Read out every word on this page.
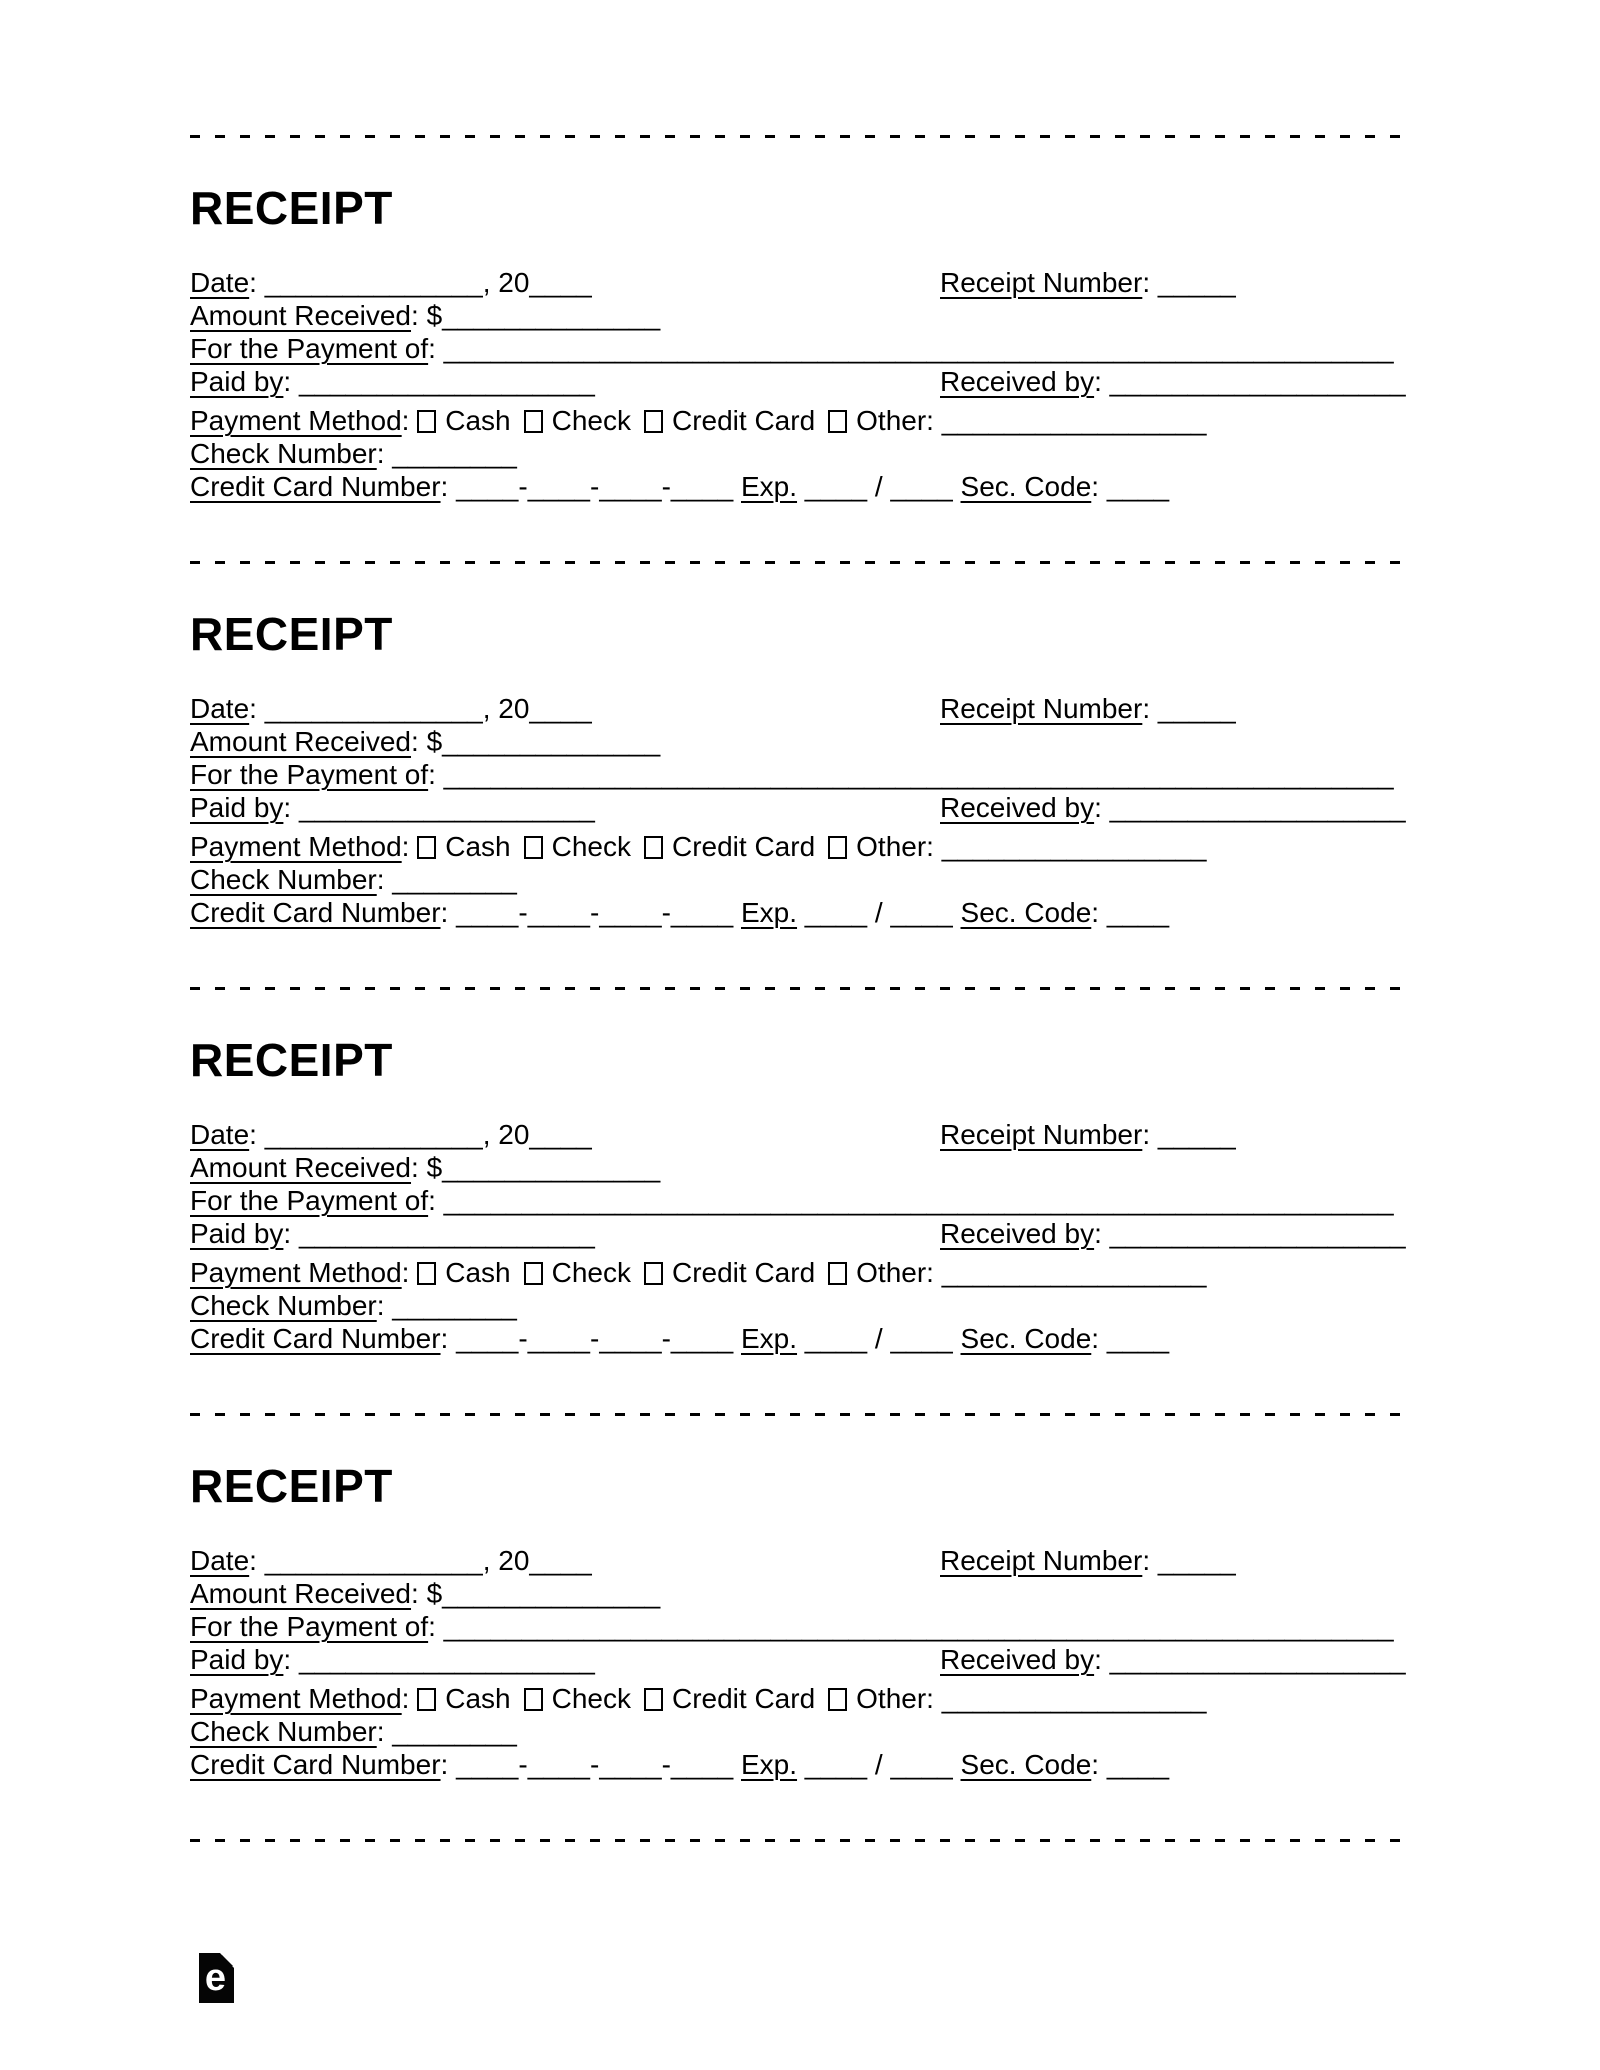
RECEIPT
Date: ______________, 20____	Receipt Number: _____
Amount Received: $______________
For the Payment of: _____________________________________________________________
Paid by: ___________________	Received by: ___________________
Payment Method: Cash Check Credit Card Other: _________________
Check Number: ________
Credit Card Number: ____-____-____-____ Exp. ____ / ____ Sec. Code: ____
RECEIPT
Date: ______________, 20____	Receipt Number: _____
Amount Received: $______________
For the Payment of: _____________________________________________________________
Paid by: ___________________	Received by: ___________________
Payment Method: Cash Check Credit Card Other: _________________
Check Number: ________
Credit Card Number: ____-____-____-____ Exp. ____ / ____ Sec. Code: ____
RECEIPT
Date: ______________, 20____	Receipt Number: _____
Amount Received: $______________
For the Payment of: _____________________________________________________________
Paid by: ___________________	Received by: ___________________
Payment Method: Cash Check Credit Card Other: _________________
Check Number: ________
Credit Card Number: ____-____-____-____ Exp. ____ / ____ Sec. Code: ____
RECEIPT
Date: ______________, 20____	Receipt Number: _____
Amount Received: $______________
For the Payment of: _____________________________________________________________
Paid by: ___________________	Received by: ___________________
Payment Method: Cash Check Credit Card Other: _________________
Check Number: ________
Credit Card Number: ____-____-____-____ Exp. ____ / ____ Sec. Code: ____
e
